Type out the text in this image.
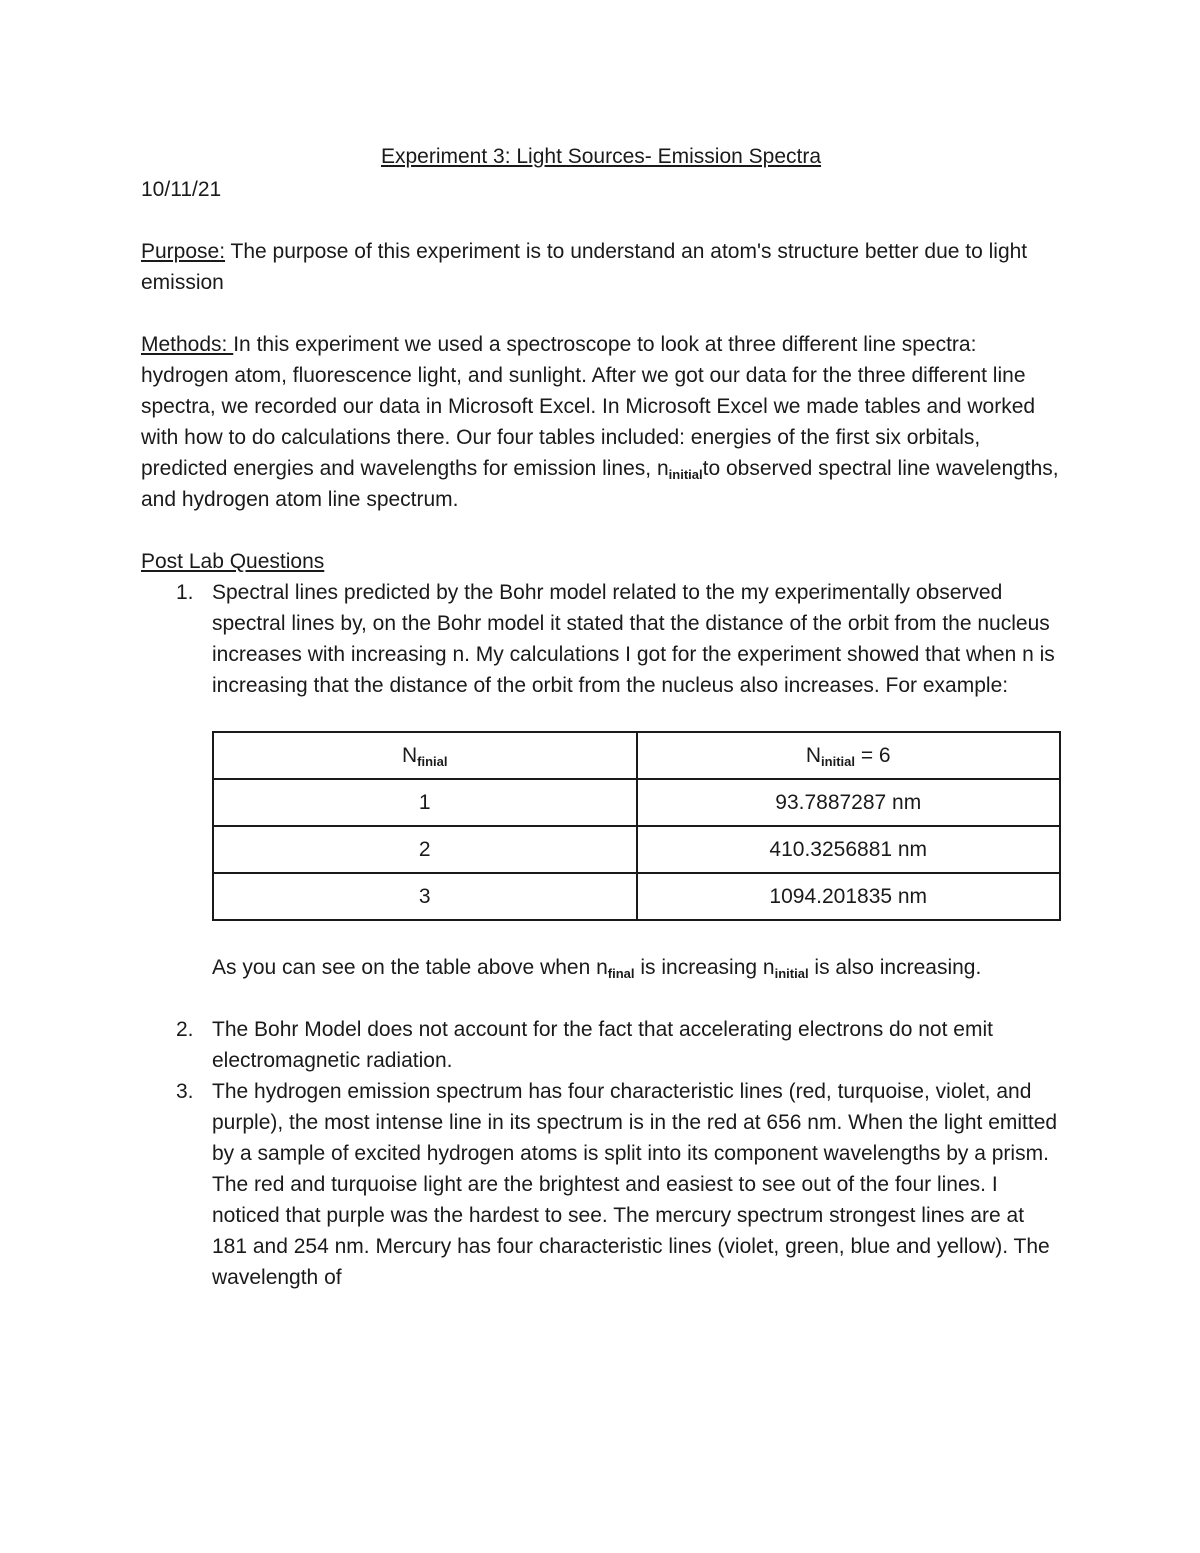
Experiment 3: Light Sources- Emission Spectra

10/11/21

Purpose: The purpose of this experiment is to understand an atom's structure better due to light emission

Methods: In this experiment we used a spectroscope to look at three different line spectra: hydrogen atom, fluorescence light, and sunlight. After we got our data for the three different line spectra, we recorded our data in Microsoft Excel. In Microsoft Excel we made tables and worked with how to do calculations there. Our four tables included: energies of the first six orbitals, predicted energies and wavelengths for emission lines, $n_{initial}to$ observed spectral line wavelengths, and hydrogen atom line spectrum.

Post Lab Questions

1. Spectral lines predicted by the Bohr model related to the my experimentally observed spectral lines by, on the Bohr model it stated that the distance of the orbit from the nucleus increases with increasing n. My calculations I got for the experiment showed that when n is increasing that the distance of the orbit from the nucleus also increases. For example:
$N_{finial}$	$N_{initial} = 6$
1	93.7887287 nm
2	410.3256881 nm
3	1094.201835 nm

As you can see on the table above when $n_{final}$ is increasing $n_{initial}$ is also increasing.

2. The Bohr Model does not account for the fact that accelerating electrons do not emit electromagnetic radiation.
3. The hydrogen emission spectrum has four characteristic lines (red, turquoise, violet, and purple), the most intense line in its spectrum is in the red at 656 nm. When the light emitted by a sample of excited hydrogen atoms is split into its component wavelengths by a prism. The red and turquoise light are the brightest and easiest to see out of the four lines. I noticed that purple was the hardest to see. The mercury spectrum strongest lines are at 181 and 254 nm. Mercury has four characteristic lines (violet, green, blue and yellow). The wavelength of
